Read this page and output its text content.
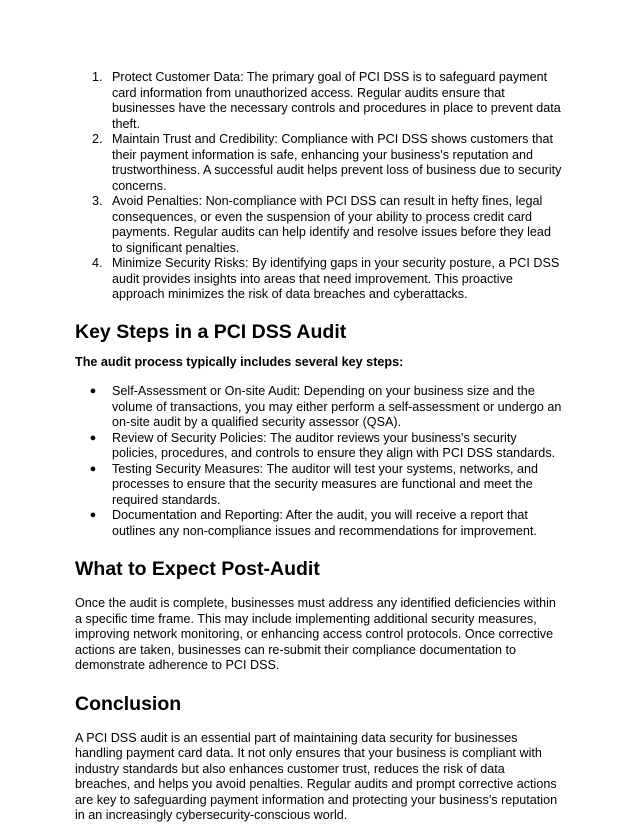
1. Protect Customer Data: The primary goal of PCI DSS is to safeguard payment card information from unauthorized access. Regular audits ensure that businesses have the necessary controls and procedures in place to prevent data theft.
2. Maintain Trust and Credibility: Compliance with PCI DSS shows customers that their payment information is safe, enhancing your business's reputation and trustworthiness. A successful audit helps prevent loss of business due to security concerns.
3. Avoid Penalties: Non-compliance with PCI DSS can result in hefty fines, legal consequences, or even the suspension of your ability to process credit card payments. Regular audits can help identify and resolve issues before they lead to significant penalties.
4. Minimize Security Risks: By identifying gaps in your security posture, a PCI DSS audit provides insights into areas that need improvement. This proactive approach minimizes the risk of data breaches and cyberattacks.
Key Steps in a PCI DSS Audit

The audit process typically includes several key steps:

● Self-Assessment or On-site Audit: Depending on your business size and the volume of transactions, you may either perform a self-assessment or undergo an on-site audit by a qualified security assessor (QSA).
● Review of Security Policies: The auditor reviews your business's security policies, procedures, and controls to ensure they align with PCI DSS standards.
● Testing Security Measures: The auditor will test your systems, networks, and processes to ensure that the security measures are functional and meet the required standards.
● Documentation and Reporting: After the audit, you will receive a report that outlines any non-compliance issues and recommendations for improvement.
What to Expect Post-Audit

Once the audit is complete, businesses must address any identified deficiencies within a specific time frame. This may include implementing additional security measures, improving network monitoring, or enhancing access control protocols. Once corrective actions are taken, businesses can re-submit their compliance documentation to demonstrate adherence to PCI DSS.

Conclusion

A PCI DSS audit is an essential part of maintaining data security for businesses handling payment card data. It not only ensures that your business is compliant with industry standards but also enhances customer trust, reduces the risk of data breaches, and helps you avoid penalties. Regular audits and prompt corrective actions are key to safeguarding payment information and protecting your business’s reputation in an increasingly cybersecurity-conscious world.
